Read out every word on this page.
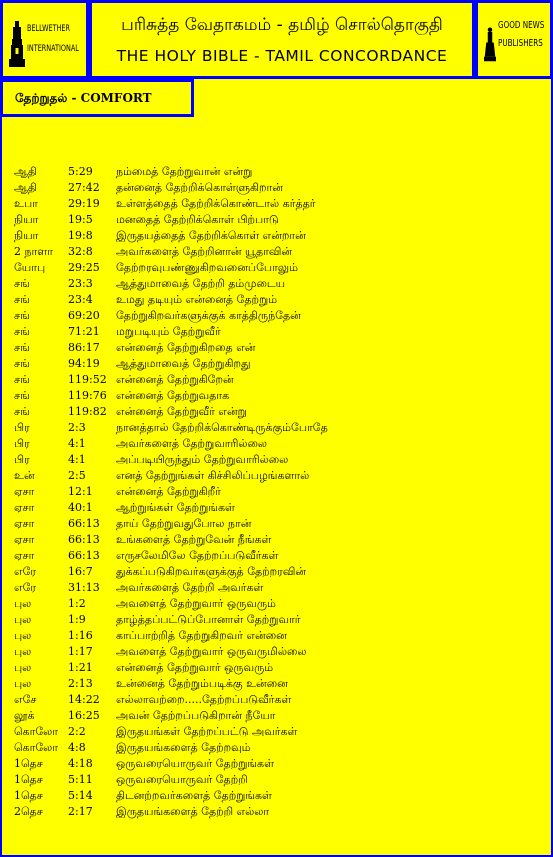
BELLWETHER
INTERNATIONAL
பரிசுத்த வேதாகமம் - தமிழ் சொல்தொகுதி
THE HOLY BIBLE - TAMIL CONCORDANCE
GOOD NEWS
PUBLISHERS
தேற்றுதல் - COMFORT
ஆதி	5:29 நம்மைத் தேற்றுவான் என்று
ஆதி	27:42 தன்னைத் தேற்றிக்கொள்ளுகிறான்
உபா	29:19 உள்ளத்தைத் தேற்றிக்கொண்டால் கர்த்தர்
நியா	19:5 மனதைத் தேற்றிக்கொள் பிற்பாடு
நியா	19:8 இருதயத்தைத் தேற்றிக்கொள் என்றான்
2 நாளா 32:8 அவர்களைத் தேற்றினான் யூதாவின்
யோபு 29:25 தேற்றரவுபண்ணுகிறவனைப்போலும்
சங்	23:3 ஆத்துமாவைத் தேற்றி தம்முடைய
சங்	23:4 உமது தடியும் என்னைத் தேற்றும்
சங்	69:20 தேற்றுகிறவர்களுக்குக் காத்திருந்தேன்
சங்	71:21 மறுபடியும் தேற்றுவீர்
சங்	86:17 என்னைத் தேற்றுகிறதை என்
சங்	94:19 ஆத்துமாவைத் தேற்றுகிறது
சங்	119:52 என்னைத் தேற்றுகிறேன்
சங்	119:76 என்னைத் தேற்றுவதாக
சங்	119:82 என்னைத் தேற்றுவீர் என்று
பிர	2:3	நானத்தால் தேற்றிக்கொண்டிருக்கும்போதே
பிர	4:1	அவர்களைத் தேற்றுவாரில்லை
பிர	4:1	அப்படியிருந்தும் தேற்றுவாரில்லை
உன்	2:5	எனத் தேற்றுங்கள் கிச்சிலிப்பழங்களால்
ஏசா	12:1 என்னைத் தேற்றுகிறீர்
ஏசா	40:1 ஆற்றுங்கள் தேற்றுங்கள்
ஏசா	66:13 தாய் தேற்றுவதுபோல நான்
ஏசா	66:13 உங்களைத் தேற்றுவேன் நீங்கள்
ஏசா	66:13 எருசலேமிலே தேற்றப்படுவீர்கள்
எரே	16:7 துக்கப்படுகிறவர்களுக்குத் தேற்றரவின்
எரே	31:13 அவர்களைத் தேற்றி அவர்கள்
புல	1:2	அவளைத் தேற்றுவார் ஒருவரும்
புல	1:9	தாழ்த்தப்பட்டுப்போனாள் தேற்றுவார்
புல	1:16 காப்பாற்றித் தேற்றுகிறவர் என்னை
புல	1:17 அவளைத் தேற்றுவார் ஒருவருமில்லை
புல	1:21 என்னைத் தேற்றுவார் ஒருவரும்
புல	2:13 உன்னைத் தேற்றும்படிக்கு உன்னை
எசே	14:22 எல்லாவற்றை.....தேற்றப்படுவீர்கள்
லூக்	16:25 அவன் தேற்றப்படுகிறான் நீயோ
கொலோ 2:2	இருதயங்கள் தேற்றப்பட்டு அவர்கள்
கொலோ 4:8	இருதயங்களைத் தேற்றவும்
1தெச 4:18 ஒருவரையொருவர் தேற்றுங்கள்
1தெச 5:11 ஒருவரையொருவர் தேற்றி
1தெச 5:14 திடனற்றவர்களைத் தேற்றுங்கள்
2தெச 2:17 இருதயங்களைத் தேற்றி எல்லா
